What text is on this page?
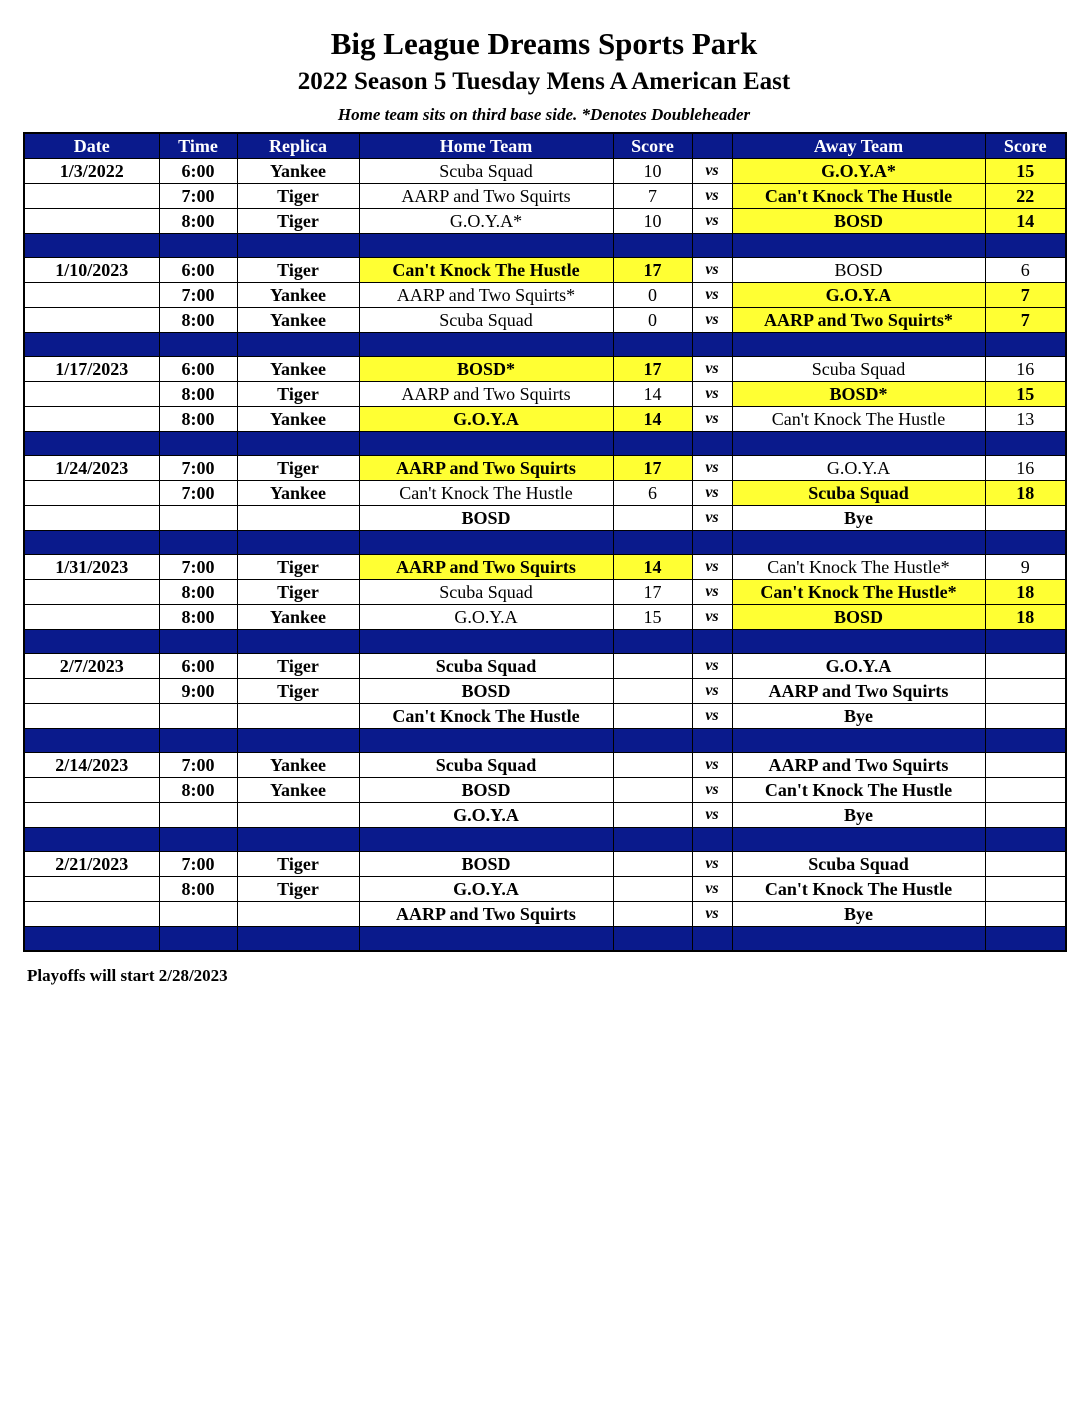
Big League Dreams Sports Park
2022 Season 5 Tuesday Mens A American East
Home team sits on third base side. *Denotes Doubleheader
Date	Time	Replica	Home Team	Score		Away Team	Score
1/3/2022	6:00	Yankee	Scuba Squad	10	vs	G.O.Y.A*	15
	7:00	Tiger	AARP and Two Squirts	7	vs	Can't Knock The Hustle	22
	8:00	Tiger	G.O.Y.A*	10	vs	BOSD	14

1/10/2023	6:00	Tiger	Can't Knock The Hustle	17	vs	BOSD	6
	7:00	Yankee	AARP and Two Squirts*	0	vs	G.O.Y.A	7
	8:00	Yankee	Scuba Squad	0	vs	AARP and Two Squirts*	7

1/17/2023	6:00	Yankee	BOSD*	17	vs	Scuba Squad	16
	8:00	Tiger	AARP and Two Squirts	14	vs	BOSD*	15
	8:00	Yankee	G.O.Y.A	14	vs	Can't Knock The Hustle	13

1/24/2023	7:00	Tiger	AARP and Two Squirts	17	vs	G.O.Y.A	16
	7:00	Yankee	Can't Knock The Hustle	6	vs	Scuba Squad	18
			BOSD		vs	Bye	

1/31/2023	7:00	Tiger	AARP and Two Squirts	14	vs	Can't Knock The Hustle*	9
	8:00	Tiger	Scuba Squad	17	vs	Can't Knock The Hustle*	18
	8:00	Yankee	G.O.Y.A	15	vs	BOSD	18

2/7/2023	6:00	Tiger	Scuba Squad		vs	G.O.Y.A	
	9:00	Tiger	BOSD		vs	AARP and Two Squirts	
			Can't Knock The Hustle		vs	Bye	

2/14/2023	7:00	Yankee	Scuba Squad		vs	AARP and Two Squirts	
	8:00	Yankee	BOSD		vs	Can't Knock The Hustle	
			G.O.Y.A		vs	Bye	

2/21/2023	7:00	Tiger	BOSD		vs	Scuba Squad	
	8:00	Tiger	G.O.Y.A		vs	Can't Knock The Hustle	
			AARP and Two Squirts		vs	Bye	

Playoffs will start 2/28/2023
